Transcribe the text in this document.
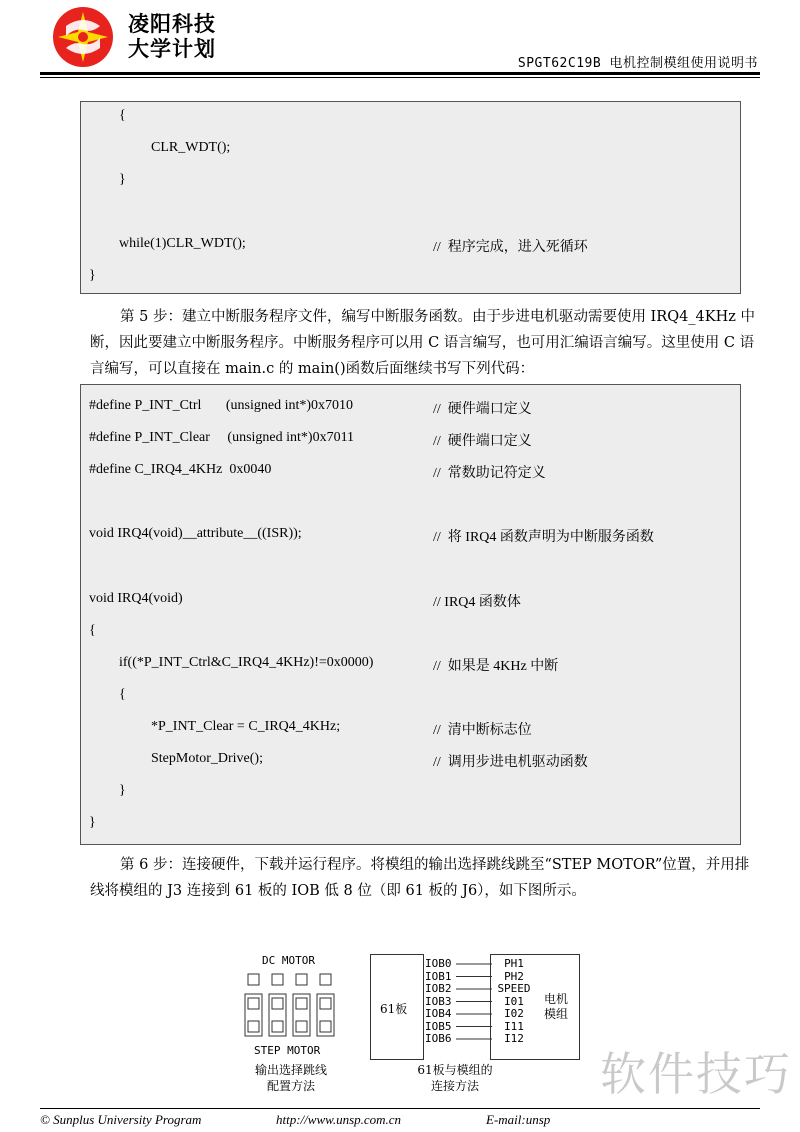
凌阳科技
大学计划
SPGT62C19B 电机控制模组使用说明书
{
CLR_WDT();
}
while(1)CLR_WDT();	//  程序完成，进入死循环
}
第 5 步：建立中断服务程序文件，编写中断服务函数。由于步进电机驱动需要使用 IRQ4_4KHz 中断，因此要建立中断服务程序。中断服务程序可以用 C 语言编写，也可用汇编语言编写。这里使用 C 语言编写，可以直接在 main.c 的 main()函数后面继续书写下列代码：
#define P_INT_Ctrl       (unsigned int*)0x7010	//  硬件端口定义
#define P_INT_Clear     (unsigned int*)0x7011	//  硬件端口定义
#define C_IRQ4_4KHz  0x0040	//  常数助记符定义
void IRQ4(void)__attribute__((ISR));	//  将 IRQ4 函数声明为中断服务函数
void IRQ4(void)	// IRQ4 函数体
{
if((*P_INT_Ctrl&C_IRQ4_4KHz)!=0x0000)	//  如果是 4KHz 中断
{
*P_INT_Clear = C_IRQ4_4KHz;	//  清中断标志位
StepMotor_Drive();	//  调用步进电机驱动函数
}
}
第 6 步：连接硬件，下载并运行程序。将模组的输出选择跳线跳至“STEP MOTOR”位置，并用排线将模组的 J3 连接到 61 板的 IOB 低 8 位（即 61 板的 J6），如下图所示。
DC MOTOR
STEP MOTOR
输出选择跳线
配置方法
61板
电机
模组
IOB0
IOB1
IOB2
IOB3
IOB4
IOB5
IOB6
PH1
PH2
SPEED
I01
I02
I11
I12
61板与模组的
连接方法	软件技巧
© Sunplus University Program	http://www.unsp.com.cn	E-mail:unsp
